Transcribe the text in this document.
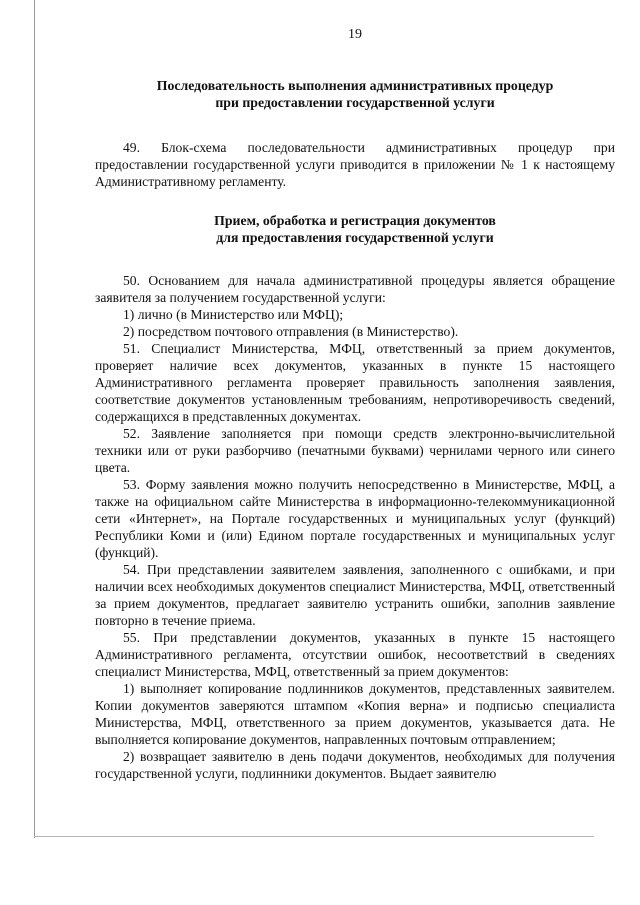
19

Последовательность выполнения административных процедур

при предоставлении государственной услуги

49. Блок-схема последовательности административных процедур при предоставлении государственной услуги приводится в приложении № 1 к настоящему Административному регламенту.

Прием, обработка и регистрация документов

для предоставления государственной услуги

50. Основанием для начала административной процедуры является обращение заявителя за получением государственной услуги:

1) лично (в Министерство или МФЦ);

2) посредством почтового отправления (в Министерство).

51. Специалист Министерства, МФЦ, ответственный за прием документов, проверяет наличие всех документов, указанных в пункте 15 настоящего Административного регламента проверяет правильность заполнения заявления, соответствие документов установленным требованиям, непротиворечивость сведений, содержащихся в представленных документах.

52. Заявление заполняется при помощи средств электронно-вычислительной техники или от руки разборчиво (печатными буквами) чернилами черного или синего цвета.

53. Форму заявления можно получить непосредственно в Министерстве, МФЦ, а также на официальном сайте Министерства в информационно-телекоммуникационной сети «Интернет», на Портале государственных и муниципальных услуг (функций) Республики Коми и (или) Едином портале государственных и муниципальных услуг (функций).

54. При представлении заявителем заявления, заполненного с ошибками, и при наличии всех необходимых документов специалист Министерства, МФЦ, ответственный за прием документов, предлагает заявителю устранить ошибки, заполнив заявление повторно в течение приема.

55. При представлении документов, указанных в пункте 15 настоящего Административного регламента, отсутствии ошибок, несоответствий в сведениях специалист Министерства, МФЦ, ответственный за прием документов:

1) выполняет копирование подлинников документов, представленных заявителем. Копии документов заверяются штампом «Копия верна» и подписью специалиста Министерства, МФЦ, ответственного за прием документов, указывается дата. Не выполняется копирование документов, направленных почтовым отправлением;

2) возвращает заявителю в день подачи документов, необходимых для получения государственной услуги, подлинники документов. Выдает заявителю
